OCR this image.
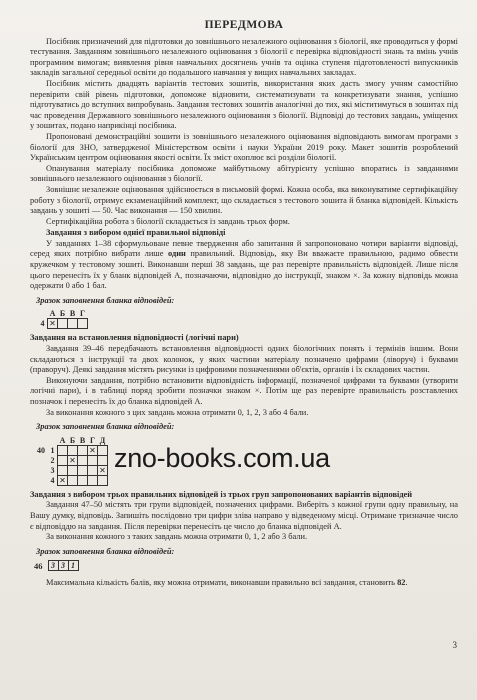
ПЕРЕДМОВА

Посібник призначений для підготовки до зовнішнього незалежного оцінювання з біології, яке проводиться у формі тестування. Завданням зовнішнього незалежного оцінювання з біології є перевірка відповідності знань та вмінь учнів програмним вимогам; виявлення рівня навчальних досягнень учнів та оцінка ступеня підготовленості випускників закладів загальної середньої освіти до подальшого навчання у вищих навчальних закладах.

Посібник містить двадцять варіантів тестових зошитів, використання яких дасть змогу учням самостійно перевірити свій рівень підготовки, допоможе відновити, систематизувати та конкретизувати знання, успішно підготуватись до вступних випробувань. Завдання тестових зошитів аналогічні до тих, які міститимуться в зошитах під час проведення Державного зовнішнього незалежного оцінювання з біології. Відповіді до тестових завдань, уміщених у зошитах, подано наприкінці посібника.

Пропоновані демонстраційні зошити із зовнішнього незалежного оцінювання відповідають вимогам програми з біології для ЗНО, затвердженої Міністерством освіти і науки України 2019 року. Макет зошитів розроблений Українським центром оцінювання якості освіти. Їх зміст охоплює всі розділи біології.

Опанування матеріалу посібника допоможе майбутньому абітурієнту успішно впоратись із завданнями зовнішнього незалежного оцінювання з біології.

Зовнішнє незалежне оцінювання здійснюється в письмовій формі. Кожна особа, яка виконуватиме сертифікаційну роботу з біології, отримує екзаменаційний комплект, що складається з тестового зошита й бланка відповідей. Кількість завдань у зошиті — 50. Час виконання — 150 хвилин.

Сертифікаційна робота з біології складається із завдань трьох форм.

Завдання з вибором однієї правильної відповіді

У завданнях 1–38 сформульоване певне твердження або запитання й запропоновано чотири варіанти відповіді, серед яких потрібно вибрати лише один правильний. Відповідь, яку Ви вважаєте правильною, радимо обвести кружечком у тестовому зошиті. Виконавши перші 38 завдань, ще раз перевірте правильність відповідей. Лише після цього перенесіть їх у бланк відповідей А, позначаючи, відповідно до інструкції, знаком ×. За кожну відповідь можна одержати 0 або 1 бал.

Зразок заповнення бланка відповідей:

	А	Б	В	Г
4	✕			

Завдання на встановлення відповідності (логічні пари)

Завдання 39–46 передбачають встановлення відповідності одних біологічних понять і термінів іншим. Вони складаються з інструкції та двох колонок, у яких частини матеріалу позначено цифрами (ліворуч) і буквами (праворуч). Деякі завдання містять рисунки із цифровими позначеннями об'єктів, органів і їх складових частин.

Виконуючи завдання, потрібно встановити відповідність інформації, позначеної цифрами та буквами (утворити логічні пари), і в таблиці поряд зробити позначки знаком ×. Потім ще раз перевірте правильність розставлених позначок і перенесіть їх до бланка відповідей А.

За виконання кожного з цих завдань можна отримати 0, 1, 2, 3 або 4 бали.

Зразок заповнення бланка відповідей:

		А	Б	В	Г	Д
40	1				✕	
	2		✕			
	3					✕
	4	✕				

Завдання з вибором трьох правильних відповідей із трьох груп запропонованих варіантів відповідей

Завдання 47–50 містять три групи відповідей, позначених цифрами. Виберіть з кожної групи одну правильну, на Вашу думку, відповідь. Запишіть послідовно три цифри зліва направо у відведеному місці. Отримане тризначне число є відповіддю на завдання. Після перевірки перенесіть це число до бланка відповідей А.

За виконання кожного з таких завдань можна отримати 0, 1, 2 або 3 бали.

Зразок заповнення бланка відповідей:

46 3	3	1

Максимальна кількість балів, яку можна отримати, виконавши правильно всі завдання, становить 82.

zno-books.com.ua
3
